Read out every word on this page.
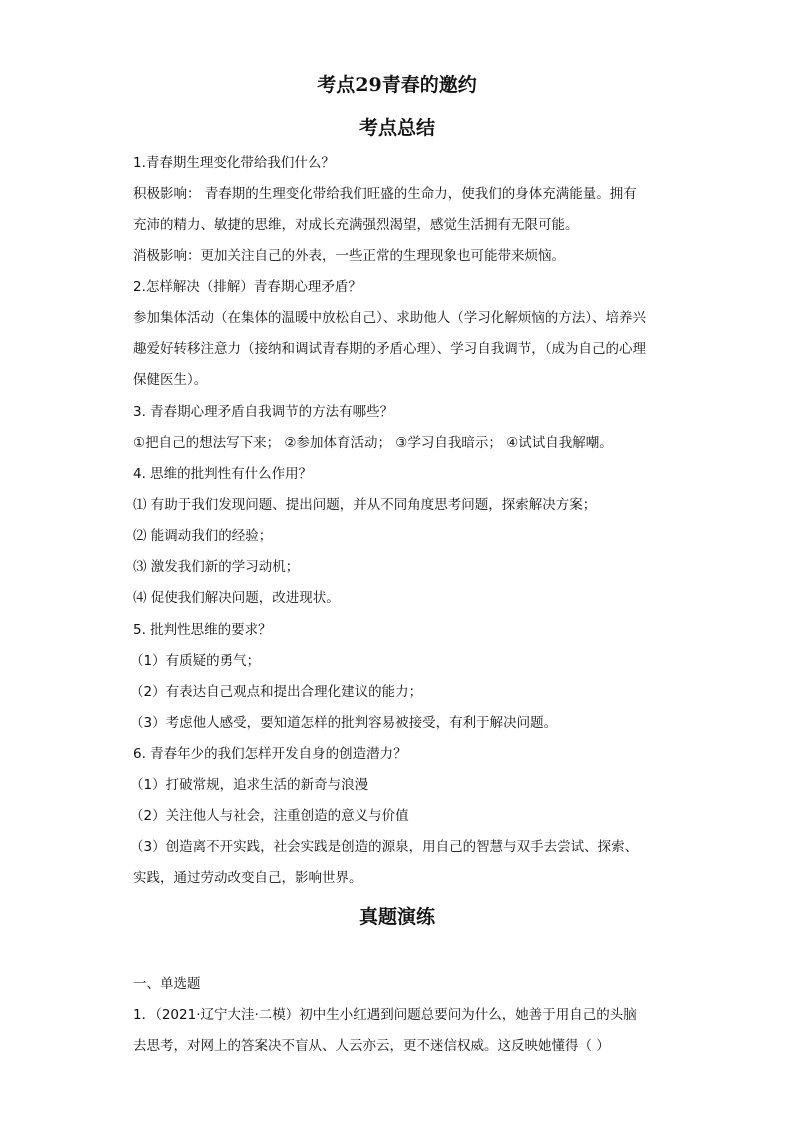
考点29青春的邀约
考点总结
1.青春期生理变化带给我们什么？
积极影响： 青春期的生理变化带给我们旺盛的生命力，使我们的身体充满能量。拥有
充沛的精力、敏捷的思维，对成长充满强烈渴望，感觉生活拥有无限可能。
消极影响：更加关注自己的外表，一些正常的生理现象也可能带来烦恼。
2.怎样解决（排解）青春期心理矛盾？
参加集体活动（在集体的温暖中放松自己）、求助他人（学习化解烦恼的方法）、培养兴
趣爱好转移注意力（接纳和调试青春期的矛盾心理）、学习自我调节，（成为自己的心理
保健医生）。
3. 青春期心理矛盾自我调节的方法有哪些？
①把自己的想法写下来； ②参加体育活动； ③学习自我暗示； ④试试自我解嘲。
4. 思维的批判性有什么作用？
⑴ 有助于我们发现问题、提出问题，并从不同角度思考问题，探索解决方案；
⑵ 能调动我们的经验；
⑶ 激发我们新的学习动机；
⑷ 促使我们解决问题，改进现状。
5. 批判性思维的要求？
（1）有质疑的勇气；
（2）有表达自己观点和提出合理化建议的能力；
（3）考虑他人感受，要知道怎样的批判容易被接受，有利于解决问题。
6. 青春年少的我们怎样开发自身的创造潜力？
（1）打破常规，追求生活的新奇与浪漫
（2）关注他人与社会，注重创造的意义与价值
（3）创造离不开实践，社会实践是创造的源泉，用自己的智慧与双手去尝试、探索、
实践，通过劳动改变自己，影响世界。
真题演练
一、单选题
1．（2021·辽宁大洼·二模）初中生小红遇到问题总要问为什么，她善于用自己的头脑
去思考，对网上的答案决不盲从、人云亦云，更不迷信权威。这反映她懂得（ ）
